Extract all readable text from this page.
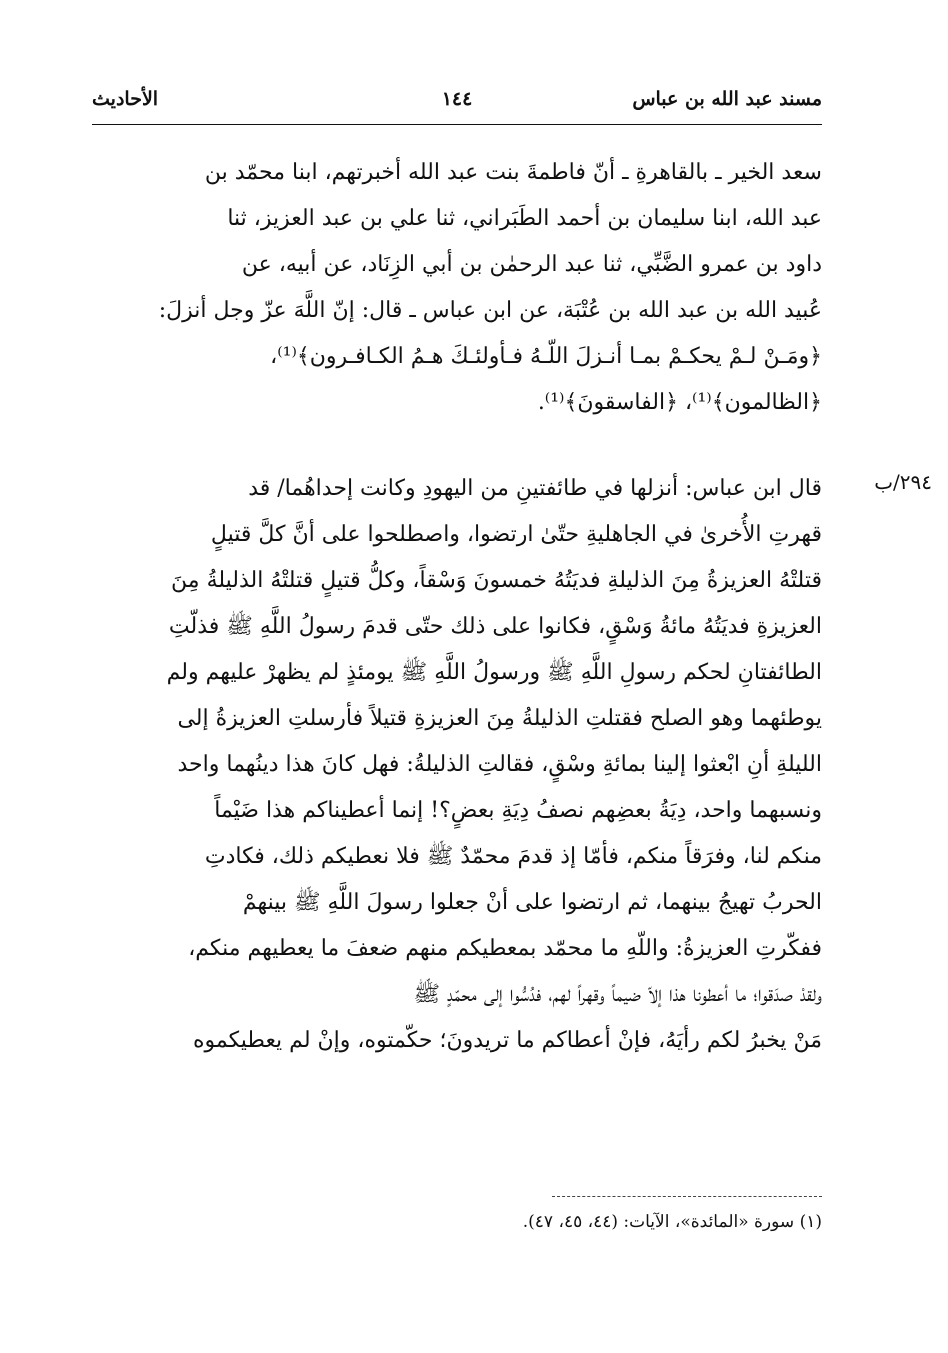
مسند عبد الله بن عباس
١٤٤
الأحاديث
سعد الخير ـ بالقاهرةِ ـ أنّ فاطمةَ بنت عبد الله أخبرتهم، ابنا محمّد بن
عبد الله، ابنا سليمان بن أحمد الطَبَراني، ثنا علي بن عبد العزيز، ثنا
داود بن عمرو الضَّبِّي، ثنا عبد الرحمٰن بن أبي الزِنَاد، عن أبيه، عن
عُبيد الله بن عبد الله بن عُتْبَة، عن ابن عباس ـ قال: إنّ اللَّهَ عزّ وجل أنزلَ:
﴿ومَـنْ لـمْ يحكـمْ بمـا أنـزلَ اللّـهُ فـأولئـكَ هـمُ الكـافـرون﴾⁽¹⁾،
﴿الظالمون﴾⁽¹⁾، ﴿الفاسقونَ﴾⁽¹⁾.
٢٩٤/ب
قال ابن عباس: أنزلها في طائفتينِ من اليهودِ وكانت إحداهُما/ قد
قهرتِ الأُخرىٰ في الجاهليةِ حتّىٰ ارتضوا، واصطلحوا على أنَّ كلَّ قتيلٍ
قتلتْهُ العزيزةُ مِنَ الذليلةِ فديَتُهُ خمسونَ وَسْقاً، وكلُّ قتيلٍ قتلتْهُ الذليلةُ مِنَ
العزيزةِ فديَتُهُ مائةُ وَسْقٍ، فكانوا على ذلك حتّى قدمَ رسولُ اللَّهِ ﷺ فذلّتِ
الطائفتانِ لحكم رسولِ اللَّهِ ﷺ ورسولُ اللَّهِ ﷺ يومئذٍ لم يظهرْ عليهم ولم
يوطئهما وهو الصلح فقتلتِ الذليلةُ مِنَ العزيزةِ قتيلاً فأرسلتِ العزيزةُ إلى
الليلةِ أنِ ابْعثوا إلينا بمائةِ وسْقٍ، فقالتِ الذليلةُ: فهل كانَ هذا دينُهما واحد
ونسبهما واحد، دِيَةُ بعضِهم نصفُ دِيَةِ بعضٍ؟! إنما أعطيناكم هذا ضَيْماً
منكم لنا، وفرَقاً منكم، فأمّا إذ قدمَ محمّدٌ ﷺ فلا نعطيكم ذلك، فكادتِ
الحربُ تهيجُ بينهما، ثم ارتضوا على أنْ جعلوا رسولَ اللَّهِ ﷺ بينهمْ
ففكّرتِ العزيزةُ: واللّهِ ما محمّد بمعطيكم منهم ضعفَ ما يعطيهم منكم،
ولقدْ صدَقوا؛ ما أعطونا هذا إلاّ ضيماً وقهراً لهم، فدُسُّوا إلى محمّدٍ ﷺ
مَنْ يخبرُ لكم رأيَهُ، فإنْ أعطاكم ما تريدونَ؛ حكّمتوه، وإنْ لم يعطيكموه
(١) سورة «المائدة»، الآيات: (٤٤، ٤٥، ٤٧).
